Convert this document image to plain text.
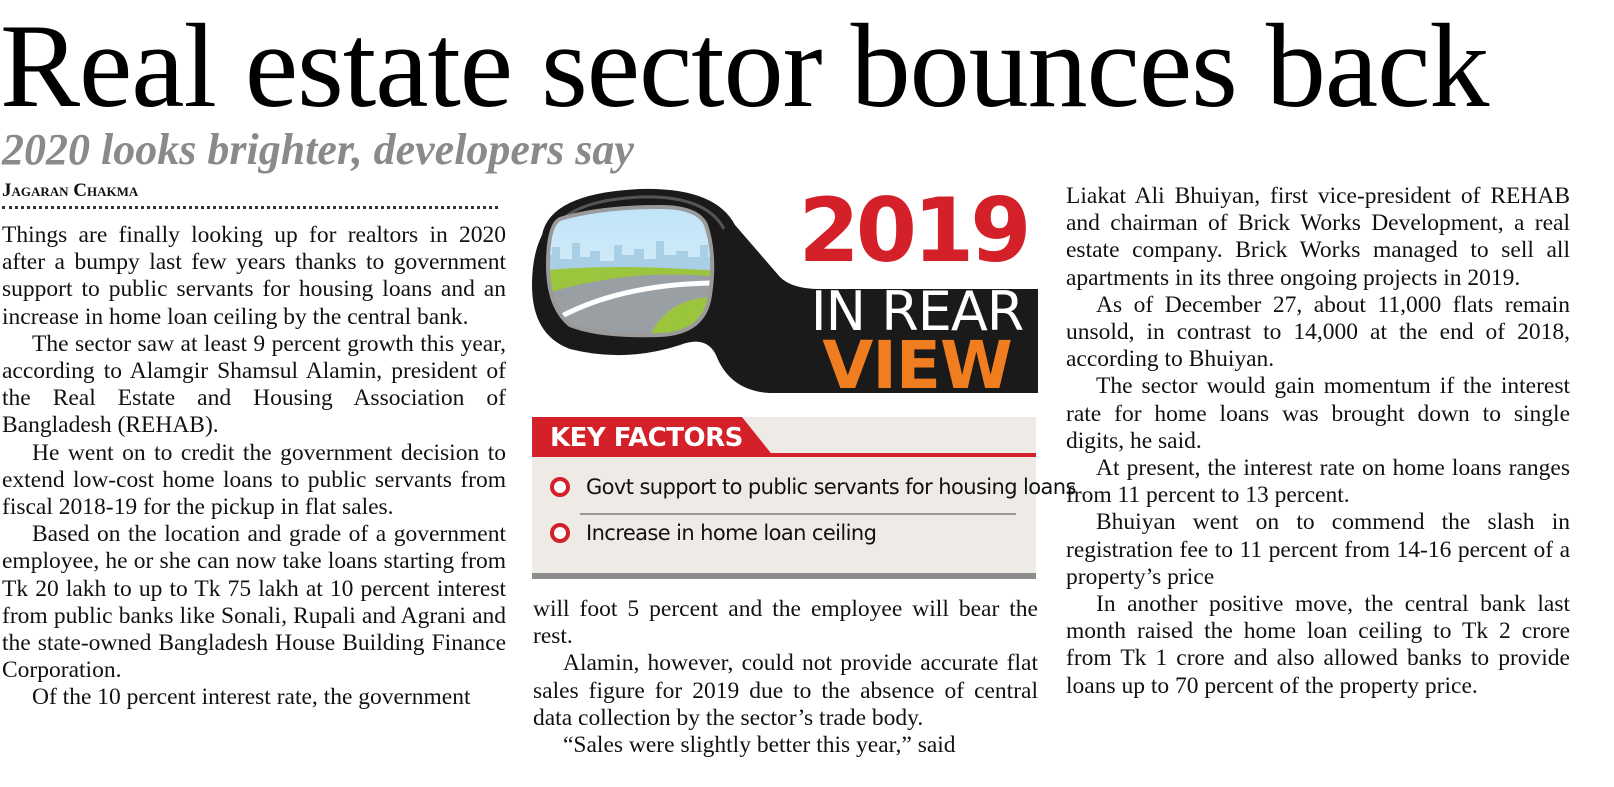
Real estate sector bounces back
2020 looks brighter, developers say
Jagaran Chakma

Things are finally looking up for realtors in 2020 after a bumpy last few years thanks to government support to public servants for housing loans and an increase in home loan ceiling by the central bank.

The sector saw at least 9 percent growth this year, according to Alamgir Shamsul Alamin, president of the Real Estate and Housing Association of Bangladesh (REHAB).

He went on to credit the government decision to extend low-cost home loans to public servants from fiscal 2018-19 for the pickup in flat sales.

Based on the location and grade of a government employee, he or she can now take loans starting from Tk 20 lakh to up to Tk 75 lakh at 10 percent interest from public banks like Sonali, Rupali and Agrani and the state-owned Bangladesh House Building Finance Corporation.

Of the 10 percent interest rate, the government

2019
IN REAR
VIEW
KEY FACTORS
Govt support to public servants for housing loans
Increase in home loan ceiling

will foot 5 percent and the employee will bear the rest.

Alamin, however, could not provide accurate flat sales figure for 2019 due to the absence of central data collection by the sector’s trade body.

“Sales were slightly better this year,” said

Liakat Ali Bhuiyan, first vice-president of REHAB and chairman of Brick Works Development, a real estate company. Brick Works managed to sell all apartments in its three ongoing projects in 2019.

As of December 27, about 11,000 flats remain unsold, in contrast to 14,000 at the end of 2018, according to Bhuiyan.

The sector would gain momentum if the interest rate for home loans was brought down to single digits, he said.

At present, the interest rate on home loans ranges from 11 percent to 13 percent.

Bhuiyan went on to commend the slash in registration fee to 11 percent from 14-16 percent of a property’s price

In another positive move, the central bank last month raised the home loan ceiling to Tk 2 crore from Tk 1 crore and also allowed banks to provide loans up to 70 percent of the property price.
